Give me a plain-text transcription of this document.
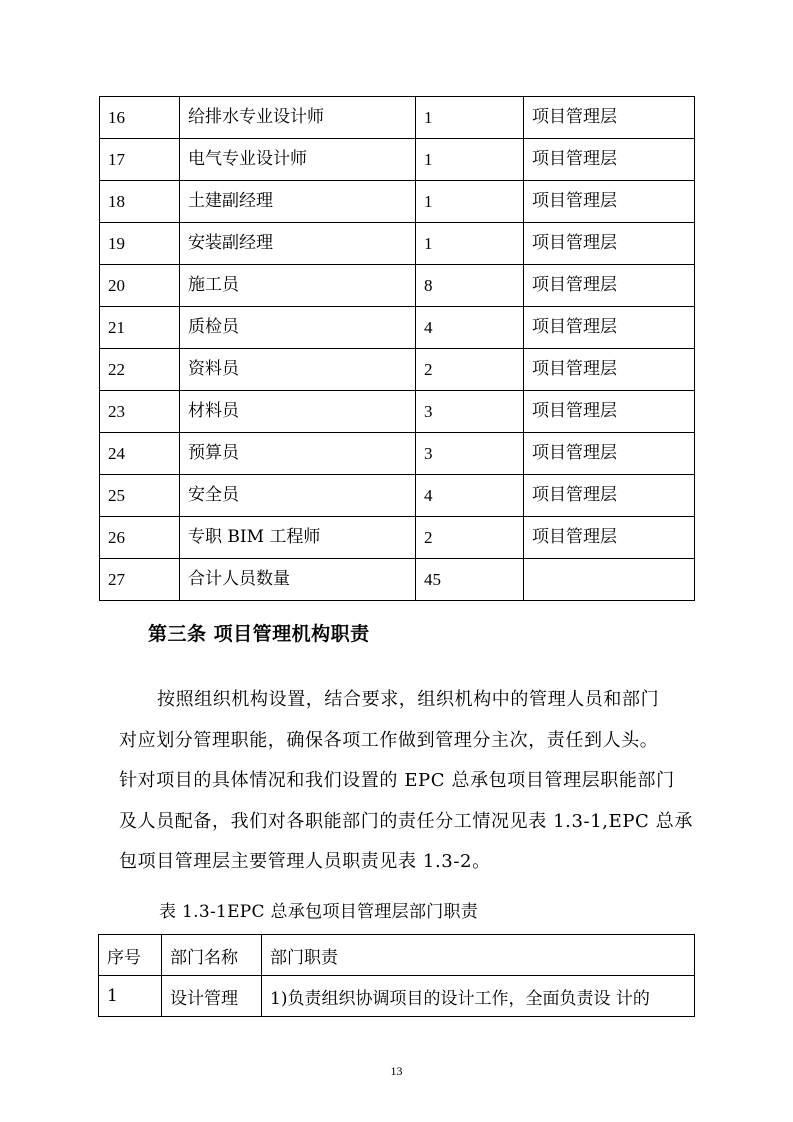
16	给排水专业设计师	1	项目管理层
17	电气专业设计师	1	项目管理层
18	土建副经理	1	项目管理层
19	安装副经理	1	项目管理层
20	施工员	8	项目管理层
21	质检员	4	项目管理层
22	资料员	2	项目管理层
23	材料员	3	项目管理层
24	预算员	3	项目管理层
25	安全员	4	项目管理层
26	专职 BIM 工程师	2	项目管理层
27	合计人员数量	45	
第三条 项目管理机构职责

按照组织机构设置，结合要求，组织机构中的管理人员和部门
对应划分管理职能，确保各项工作做到管理分主次，责任到人头。
针对项目的具体情况和我们设置的 EPC 总承包项目管理层职能部门
及人员配备，我们对各职能部门的责任分工情况见表 1.3-1,EPC 总承
包项目管理层主要管理人员职责见表 1.3-2。

表 1.3-1EPC 总承包项目管理层部门职责

序号	部门名称	部门职责
1	设计管理	1)负责组织协调项目的设计工作，全面负责设 计的
13
